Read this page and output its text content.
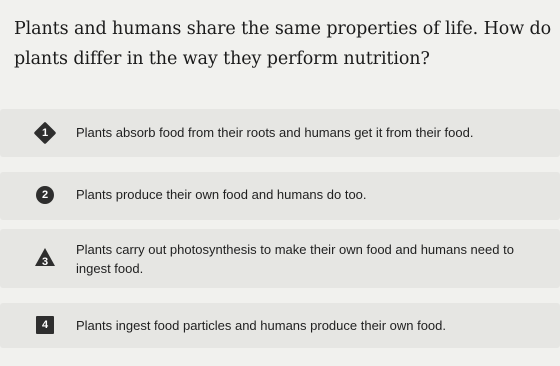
Plants and humans share the same properties of life. How do plants differ in the way they perform nutrition?
1 Plants absorb food from their roots and humans get it from their food.
2 Plants produce their own food and humans do too.
3
Plants carry out photosynthesis to make their own food and humans need to ingest food.
4 Plants ingest food particles and humans produce their own food.
